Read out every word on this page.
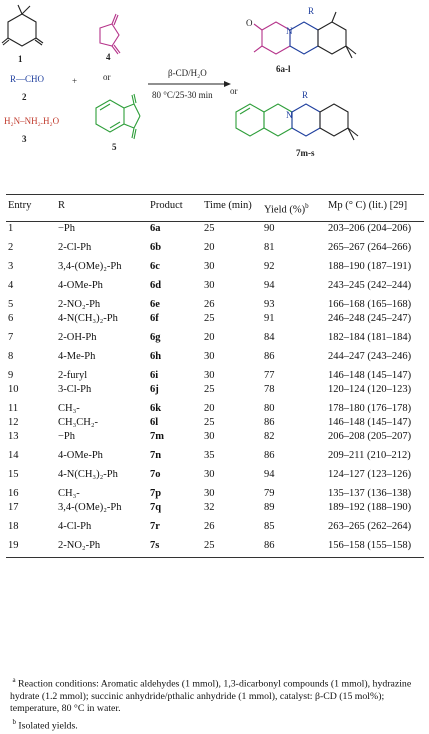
1
R—CHO
2
H₂N–NH₂.H₂O
3
+
4
or
5
β-CD/H₂O
80 °C/25-30 min
R
N
O
6a-l
or	R
N
7m-s
Entry	R	Product	Time (min)	Yield (%)$^b$	Mp (° C) (lit.) [29]
1	−Ph	6a	25	90	203–206 (204–206)
2	2-Cl-Ph	6b	20	81	265–267 (264–266)
3	3,4-(OMe)₂-Ph	6c	30	92	188–190 (187–191)
4	4-OMe-Ph	6d	30	94	243–245 (242–244)
5	2-NO₂-Ph	6e	26	93	166–168 (165–168)
6	4-N(CH₃)₂-Ph	6f	25	91	246–248 (245–247)
7	2-OH-Ph	6g	20	84	182–184 (181–184)
8	4-Me-Ph	6h	30	86	244–247 (243–246)
9	2-furyl	6i	30	77	146–148 (145–147)
10	3-Cl-Ph	6j	25	78	120–124 (120–123)
11	CH₃-	6k	20	80	178–180 (176–178)
12	CH₃CH₂-	6l	25	86	146–148 (145–147)
13	−Ph	7m	30	82	206–208 (205–207)
14	4-OMe-Ph	7n	35	86	209–211 (210–212)
15	4-N(CH₃)₂-Ph	7o	30	94	124–127 (123–126)
16	CH₃-	7p	30	79	135–137 (136–138)
17	3,4-(OMe)₂-Ph	7q	32	89	189–192 (188–190)
18	4-Cl-Ph	7r	26	85	263–265 (262–264)
19	2-NO₂-Ph	7s	25	86	156–158 (155–158)
$^a$ Reaction conditions: Aromatic aldehydes (1 mmol), 1,3-dicarbonyl compounds (1 mmol), hydrazine hydrate (1.2 mmol); succinic anhydride/pthalic anhydride (1 mmol), catalyst: β-CD (15 mol%); temperature, 80 °C in water.
$^b$ Isolated yields.
